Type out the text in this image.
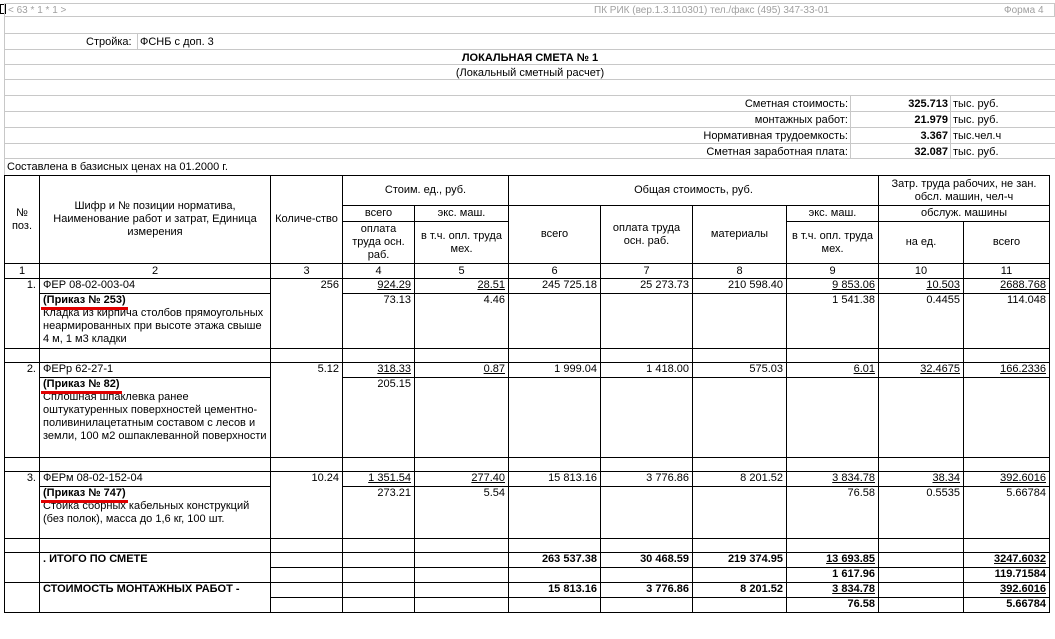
< 63 * 1 * 1 >	ПК РИК (вер.1.3.110301) тел./факс (495) 347-33-01	Форма 4
Стройка: ФСНБ с доп. 3
ЛОКАЛЬНАЯ СМЕТА № 1
(Локальный сметный расчет)
Сметная стоимость:	325.713 тыс. руб.
монтажных работ:	21.979 тыс. руб.
Нормативная трудоемкость:	3.367 тыс.чел.ч
Сметная заработная плата:	32.087 тыс. руб.
Составлена в базисных ценах на 01.2000 г.
№ поз.	Шифр и № позиции норматива, Наименование работ и затрат, Единица измерения	Количе-ство	Стоим. ед., руб.		Общая стоимость, руб.				Затр. труда рабочих, не зан. обсл. машин, чел-ч	
			всего	экс. маш.	всего	оплата труда осн. раб.	материалы	экс. маш.	обслуж. машины	
			оплата труда осн. раб.	в т.ч. опл. труда мех.				в т.ч. опл. труда мех.	на ед.	всего
1	2	3	4	5	6	7	8	9	10	11
1.	ФЕР 08-02-003-04	256	924.29	28.51	245 725.18	25 273.73	210 598.40	9 853.06	10.503	2688.768
	(Приказ № 253)
Кладка из кирпича столбов прямоугольных неармированных при высоте этажа свыше 4 м, 1 м3 кладки		73.13	4.46				1 541.38	0.4455	114.048

2.	ФЕРр 62-27-1	5.12	318.33	0.87	1 999.04	1 418.00	575.03	6.01	32.4675	166.2336
	(Приказ № 82)
Сплошная шпаклевка ранее оштукатуренных поверхностей цементно-поливинилацетатным составом с лесов и земли, 100 м2 ошпаклеванной поверхности		205.15							

3.	ФЕРм 08-02-152-04	10.24	1 351.54	277.40	15 813.16	3 776.86	8 201.52	3 834.78	38.34	392.6016
	(Приказ № 747)
Стойка сборных кабельных конструкций (без полок), масса до 1,6 кг, 100 шт.		273.21	5.54				76.58	0.5535	5.66784

	. ИТОГО ПО СМЕТЕ				263 537.38	30 468.59	219 374.95	13 693.85		3247.6032
								1 617.96		119.71584
	СТОИМОСТЬ МОНТАЖНЫХ РАБОТ -				15 813.16	3 776.86	8 201.52	3 834.78		392.6016
								76.58		5.66784
